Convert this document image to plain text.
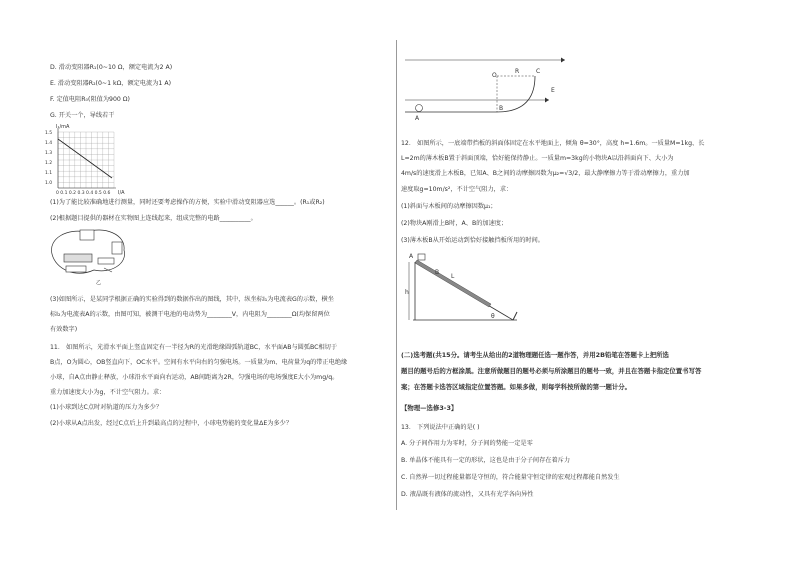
D. 滑动变阻器R₁(0~10 Ω，额定电流为2 A)
E. 滑动变阻器R₂(0~1 kΩ，额定电流为1 A)
F. 定值电阻R₀(阻值为900 Ω)
G. 开关一个，导线若干
I₁/mA
1.5
1.4
1.3
1.2
1.1
1.0
0 0.1 0.2 0.3 0.4 0.5 0.6 I/A
(1)为了能比较准确地进行测量，同时还要考虑操作的方便，实验中滑动变阻器应选______。(R₁或R₂)
(2)根据题目提供的器材在实物图上连线起来，组成完整的电路__________。
乙
(3)如图所示，是某同学根据正确的实验得到的数据作出的图线，其中，纵坐标I₁为电流表G的示数，横坐
标I₂为电流表A的示数，由图可知，被测干电池的电动势为________V，内电阻为________Ω(均保留两位
有效数字)
11． 如图所示，光滑水平面上竖直固定有一半径为R的光滑绝缘圆弧轨道BC，水平面AB与圆弧BC相切于
B点，O为圆心，OB竖直向下，OC水平。空间有水平向右的匀强电场。一质量为m、电荷量为q的带正电绝缘
小球，自A点由静止释放，小球沿水平面向右运动，AB间距离为2R，匀强电场的电场强度E大小为mg/q。
重力加速度大小为g，不计空气阻力。求：
(1)小球到达C点时对轨道的压力为多少？
(2)小球从A点出发，经过C点后上升到最高点的过程中，小球电势能的变化量ΔE为多少？
O
R	C
E
B
A
12． 如图所示，一底端带挡板的斜面体固定在水平地面上，倾角 θ=30°，高度 h=1.6m。一质量M=1kg、长
L=2m的薄木板B置于斜面顶端，恰好能保持静止。一质量m=3kg的小物块A以沿斜面向下、大小为
4m/s的速度滑上木板B，已知A、B之间的动摩擦因数为μ₂=√3/2，最大静摩擦力等于滑动摩擦力，重力加
速度取g=10m/s²，不计空气阻力，求：
(1)斜面与木板间的动摩擦因数μ₁；
(2)物块A刚滑上B时，A、B的加速度；
(3)薄木板B从开始运动到恰好接触挡板所用的时间。
A
B
L
h
θ
(二)选考题(共15分。请考生从给出的2道物理题任选一题作答，并用2B铅笔在答题卡上把所选
题目的题号后的方框涂黑。注意所做题目的题号必须与所涂题目的题号一致，并且在答题卡指定位置书写答
案；在答题卡选答区域指定位置答题。如果多做，则每学科按所做的第一题计分。
【物理—选修3-3】
13． 下列说法中正确的是( )
A. 分子间作用力为零时，分子间的势能一定是零
B. 单晶体不能具有一定的形状，这也是由于分子间存在着斥力
C. 自然界一切过程能量都是守恒的，符合能量守恒定律的宏观过程都能自然发生
D. 液晶既有液体的流动性，又具有光学各向异性
